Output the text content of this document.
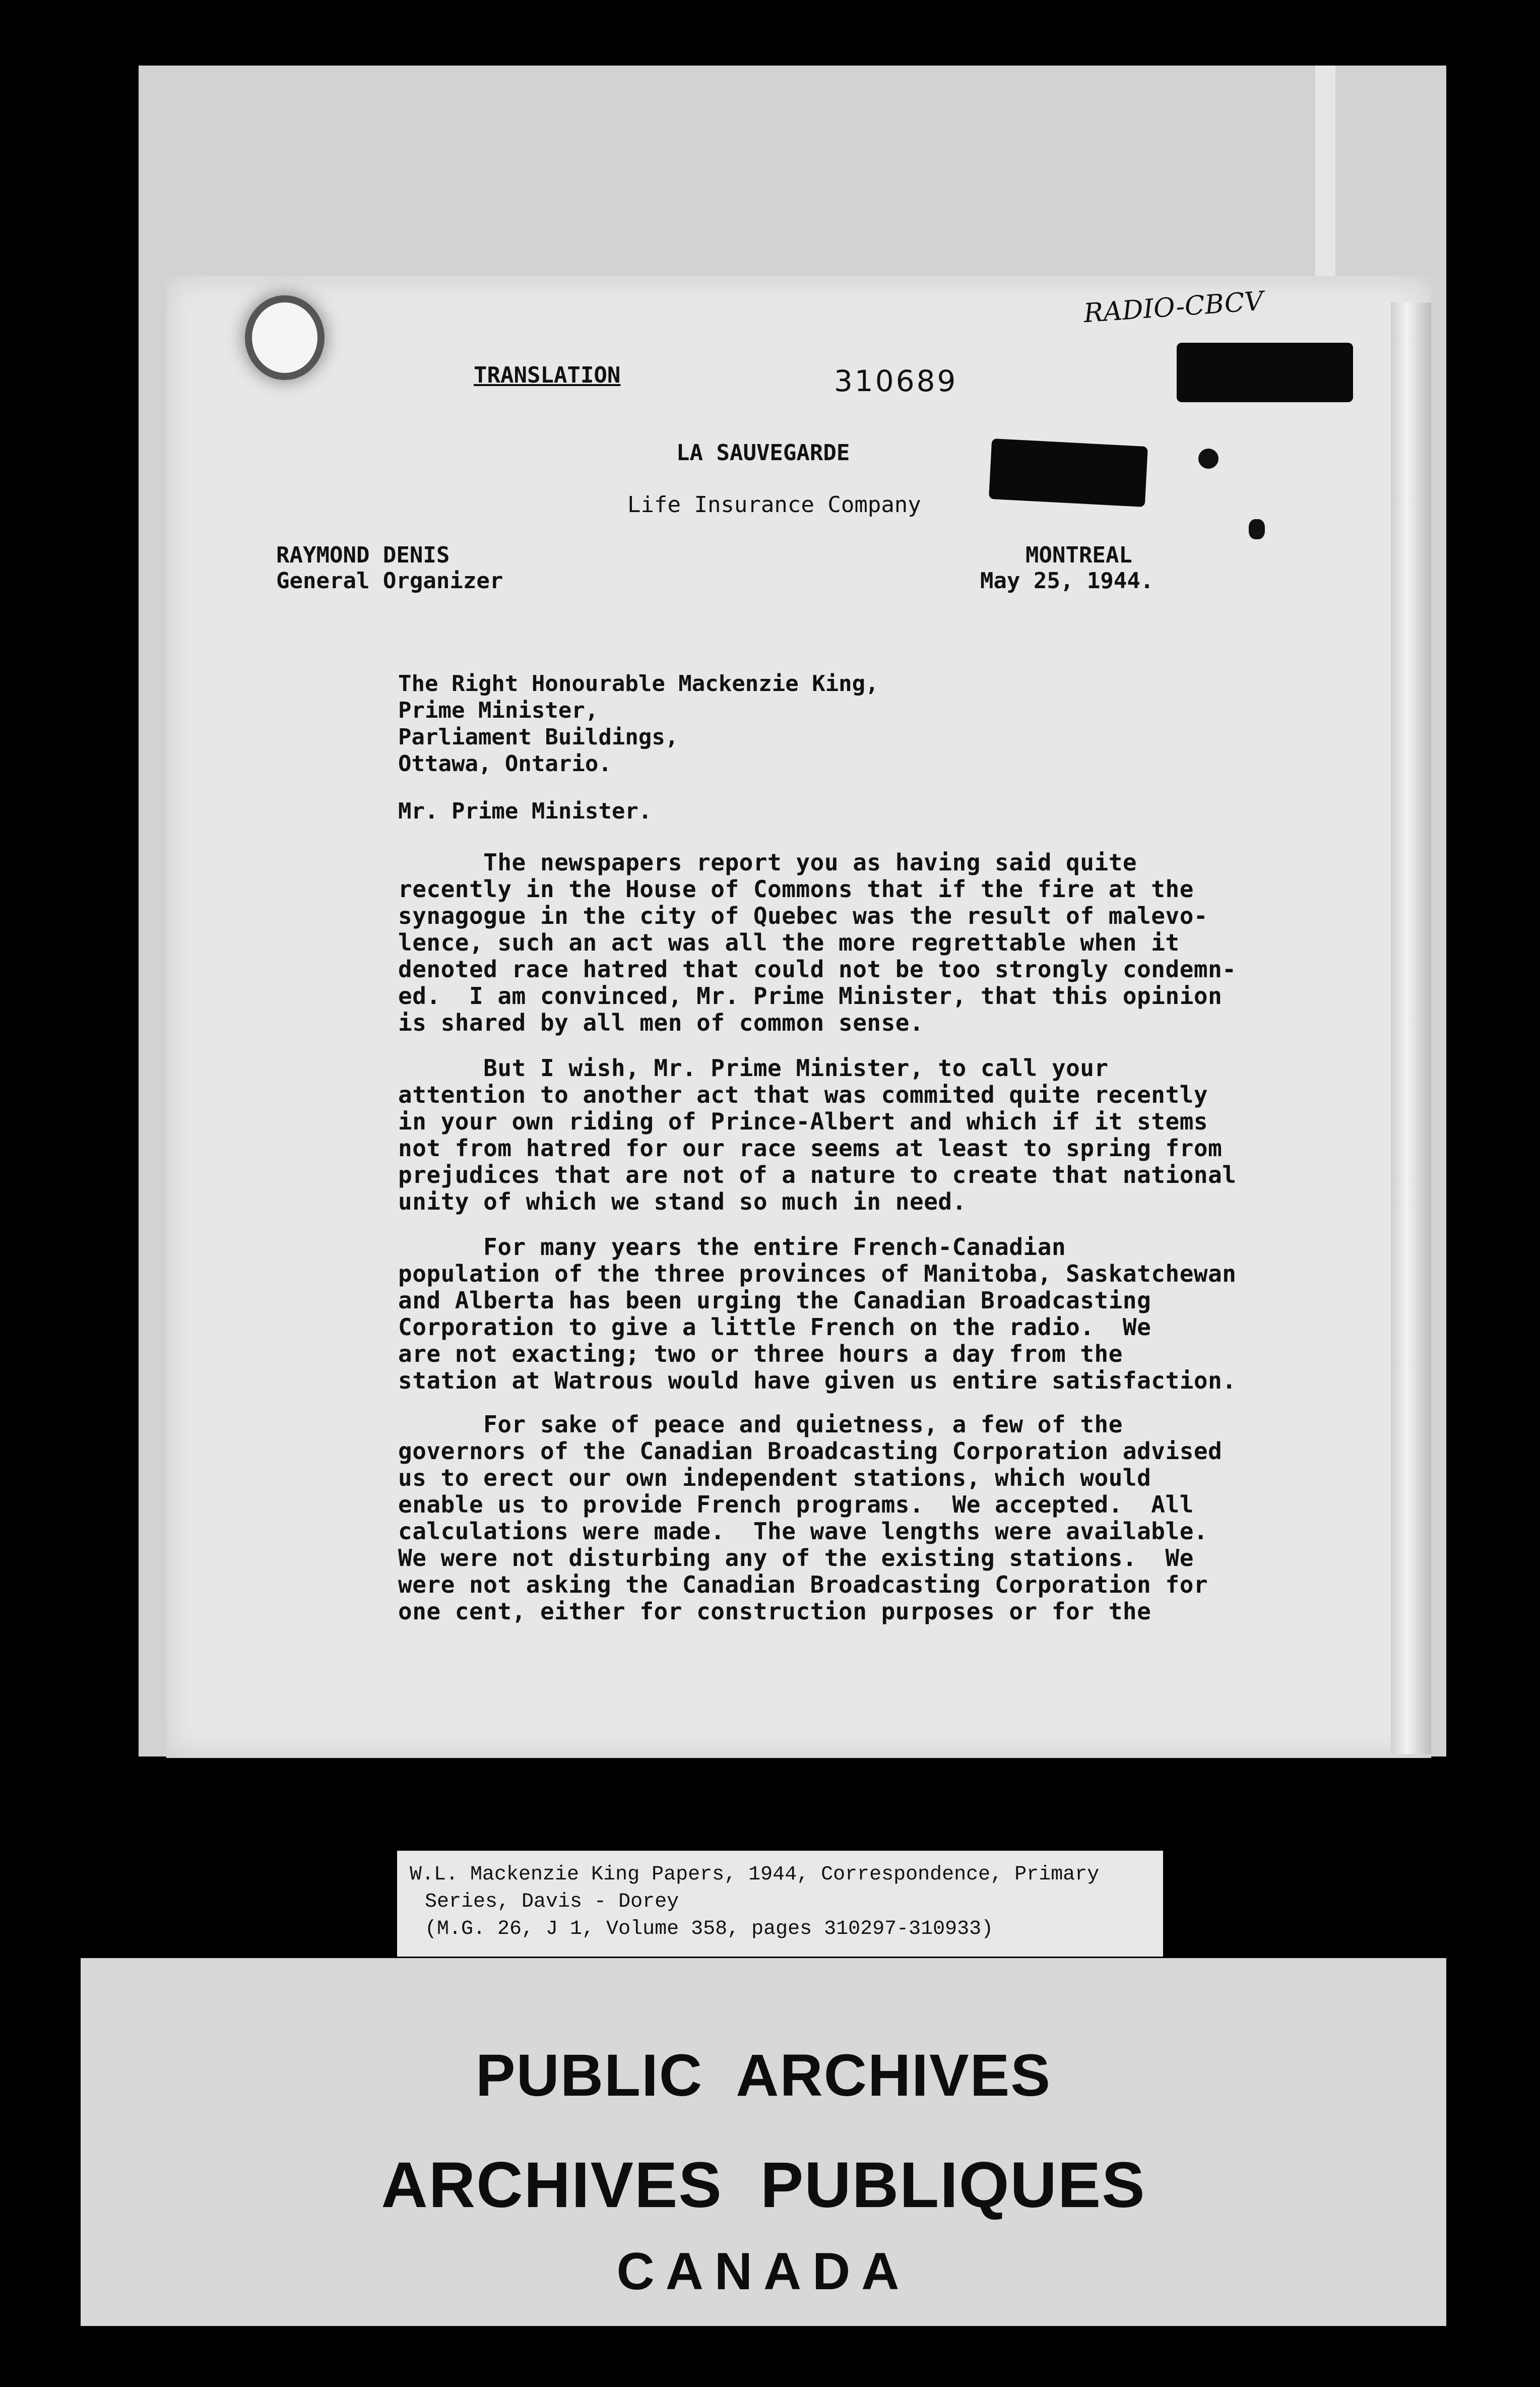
RADIO-CBCV
TRANSLATION	310689
LA SAUVEGARDE
Life Insurance Company
RAYMOND DENIS
General Organizer
MONTREAL
May 25, 1944.
The Right Honourable Mackenzie King,
Prime Minister,
Parliament Buildings,
Ottawa, Ontario.
Mr. Prime Minister.
The newspapers report you as having said quite
recently in the House of Commons that if the fire at the
synagogue in the city of Quebec was the result of malevo-
lence, such an act was all the more regrettable when it
denoted race hatred that could not be too strongly condemn-
ed.  I am convinced, Mr. Prime Minister, that this opinion
is shared by all men of common sense.
But I wish, Mr. Prime Minister, to call your
attention to another act that was commited quite recently
in your own riding of Prince-Albert and which if it stems
not from hatred for our race seems at least to spring from
prejudices that are not of a nature to create that national
unity of which we stand so much in need.
For many years the entire French-Canadian
population of the three provinces of Manitoba, Saskatchewan
and Alberta has been urging the Canadian Broadcasting
Corporation to give a little French on the radio.  We
are not exacting; two or three hours a day from the
station at Watrous would have given us entire satisfaction.
For sake of peace and quietness, a few of the
governors of the Canadian Broadcasting Corporation advised
us to erect our own independent stations, which would
enable us to provide French programs.  We accepted.  All
calculations were made.  The wave lengths were available.
We were not disturbing any of the existing stations.  We
were not asking the Canadian Broadcasting Corporation for
one cent, either for construction purposes or for the
W.L. Mackenzie King Papers, 1944, Correspondence, Primary
Series, Davis - Dorey
(M.G. 26, J 1, Volume 358, pages 310297-310933)
PUBLIC  ARCHIVES
ARCHIVES  PUBLIQUES
CANADA
